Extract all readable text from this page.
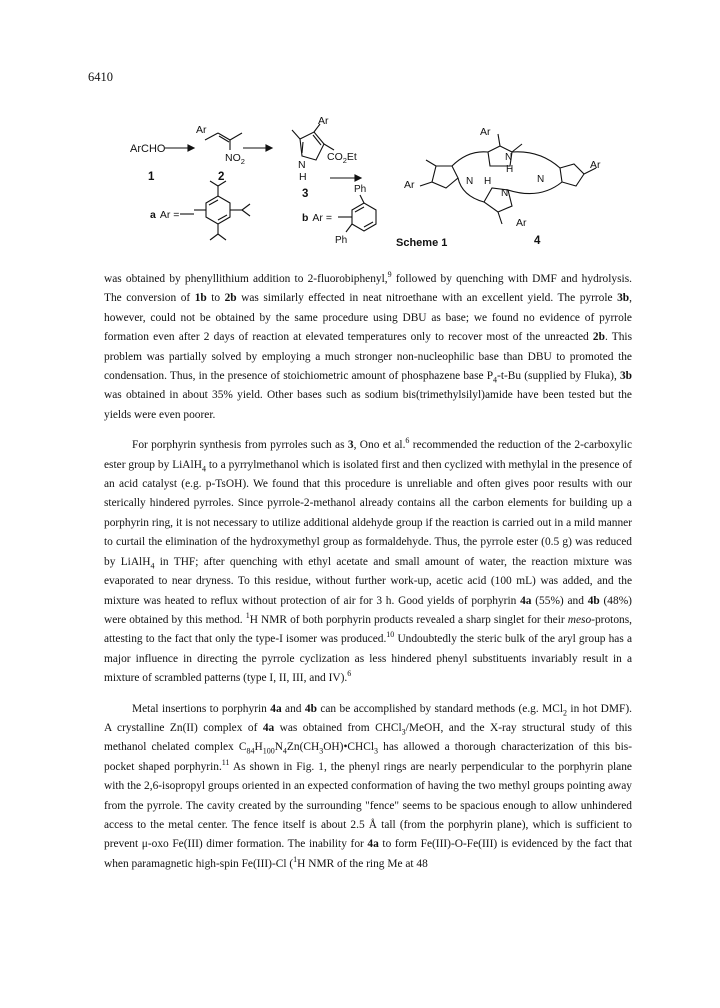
6410
ArCHO
1
Ar
$NO_2$
2
Ar
N
H
$CO_2Et$
3
Ar
Ar
Ar
Ar
N
H
N
N
N
H
4
a Ar =	b Ar =
Ph
Ph	Scheme 1

was obtained by phenyllithium addition to 2-fluorobiphenyl,$^9$ followed by quenching with DMF and hydrolysis. The conversion of 1b to 2b was similarly effected in neat nitroethane with an excellent yield. The pyrrole 3b, however, could not be obtained by the same procedure using DBU as base; we found no evidence of pyrrole formation even after 2 days of reaction at elevated temperatures only to recover most of the unreacted 2b. This problem was partially solved by employing a much stronger non-nucleophilic base than DBU to promoted the condensation. Thus, in the presence of stoichiometric amount of phosphazene base $P_4-t-Bu$ (supplied by Fluka), 3b was obtained in about 35% yield. Other bases such as sodium bis(trimethylsilyl)amide have been tested but the yields were even poorer.

For porphyrin synthesis from pyrroles such as 3, Ono et al.$^6$ recommended the reduction of the 2-carboxylic ester group by LiAlH$_4$ to a pyrrylmethanol which is isolated first and then cyclized with methylal in the presence of an acid catalyst (e.g. p-TsOH). We found that this procedure is unreliable and often gives poor results with our sterically hindered pyrroles. Since pyrrole-2-methanol already contains all the carbon elements for building up a porphyrin ring, it is not necessary to utilize additional aldehyde group if the reaction is carried out in a mild manner to curtail the elimination of the hydroxymethyl group as formaldehyde. Thus, the pyrrole ester (0.5 g) was reduced by LiAlH$_4$ in THF; after quenching with ethyl acetate and small amount of water, the reaction mixture was evaporated to near dryness. To this residue, without further work-up, acetic acid (100 mL) was added, and the mixture was heated to reflux without protection of air for 3 h. Good yields of porphyrin 4a (55%) and 4b (48%) were obtained by this method. $^1$H NMR of both porphyrin products revealed a sharp singlet for their meso-protons, attesting to the fact that only the type-I isomer was produced.$^{10}$ Undoubtedly the steric bulk of the aryl group has a major influence in directing the pyrrole cyclization as less hindered phenyl substituents invariably result in a mixture of scrambled patterns (type I, II, III, and IV).$^6$

Metal insertions to porphyrin 4a and 4b can be accomplished by standard methods (e.g. MCl$_2$ in hot DMF). A crystalline Zn(II) complex of 4a was obtained from CHCl$_3$/MeOH, and the X-ray structural study of this methanol chelated complex $C_{84}H_{100}N_4Zn(CH_3OH)•CHCl_3$ has allowed a thorough characterization of this bis-pocket shaped porphyrin.$^{11}$ As shown in Fig. 1, the phenyl rings are nearly perpendicular to the porphyrin plane with the 2,6-isopropyl groups oriented in an expected conformation of having the two methyl groups pointing away from the pyrrole. The cavity created by the surrounding "fence" seems to be spacious enough to allow unhindered access to the metal center. The fence itself is about 2.5 Å tall (from the porphyrin plane), which is sufficient to prevent μ-oxo Fe(III) dimer formation. The inability for 4a to form Fe(III)-O-Fe(III) is evidenced by the fact that when paramagnetic high-spin Fe(III)-Cl ($^1$H NMR of the ring Me at 48
